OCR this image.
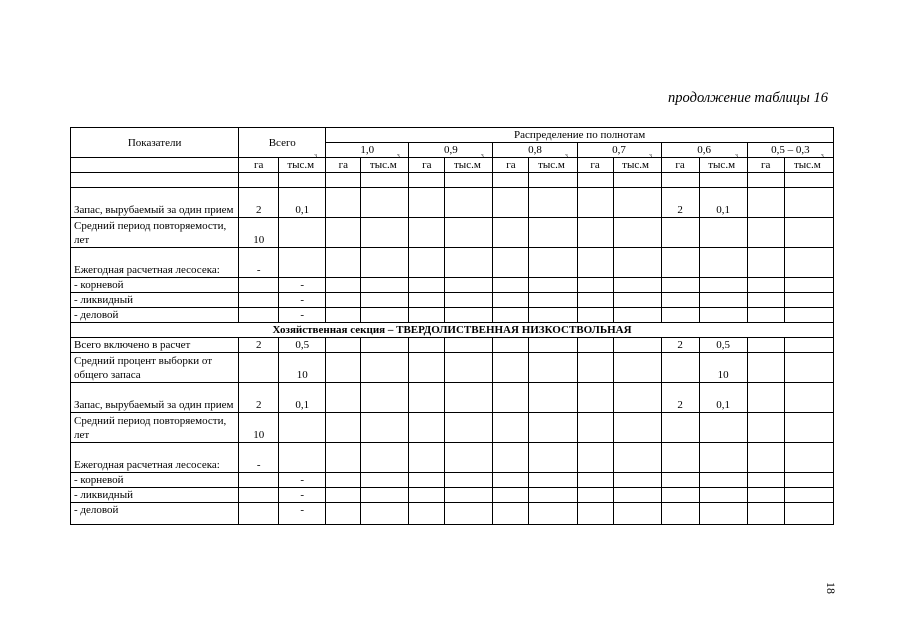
продолжение таблицы 16
Показатели	Всего		Распределение по полнотам											
			1,0		0,9		0,8		0,7		0,6		0,5 – 0,3	
	га	$тыс.м^3$	га	$тыс.м^3$	га	$тыс.м^3$	га	$тыс.м^3$	га	$тыс.м^3$	га	$тыс.м^3$	га	$тыс.м^3$

Запас, вырубаемый за один прием	2	0,1									2	0,1		
Средний период повторяемости, лет	10													
Ежегодная расчетная лесосека:	-													
- корневой		-												
- ликвидный		-												
- деловой		-												
Хозяйственная секция – ТВЕРДОЛИСТВЕННАЯ НИЗКОСТВОЛЬНАЯ														
Всего включено в расчет	2	0,5									2	0,5		
Средний процент выборки от общего запаса		10										10		
Запас, вырубаемый за один прием	2	0,1									2	0,1		
Средний период повторяемости, лет	10													
Ежегодная расчетная лесосека:	-													
- корневой		-												
- ликвидный		-												
- деловой		-												
18
